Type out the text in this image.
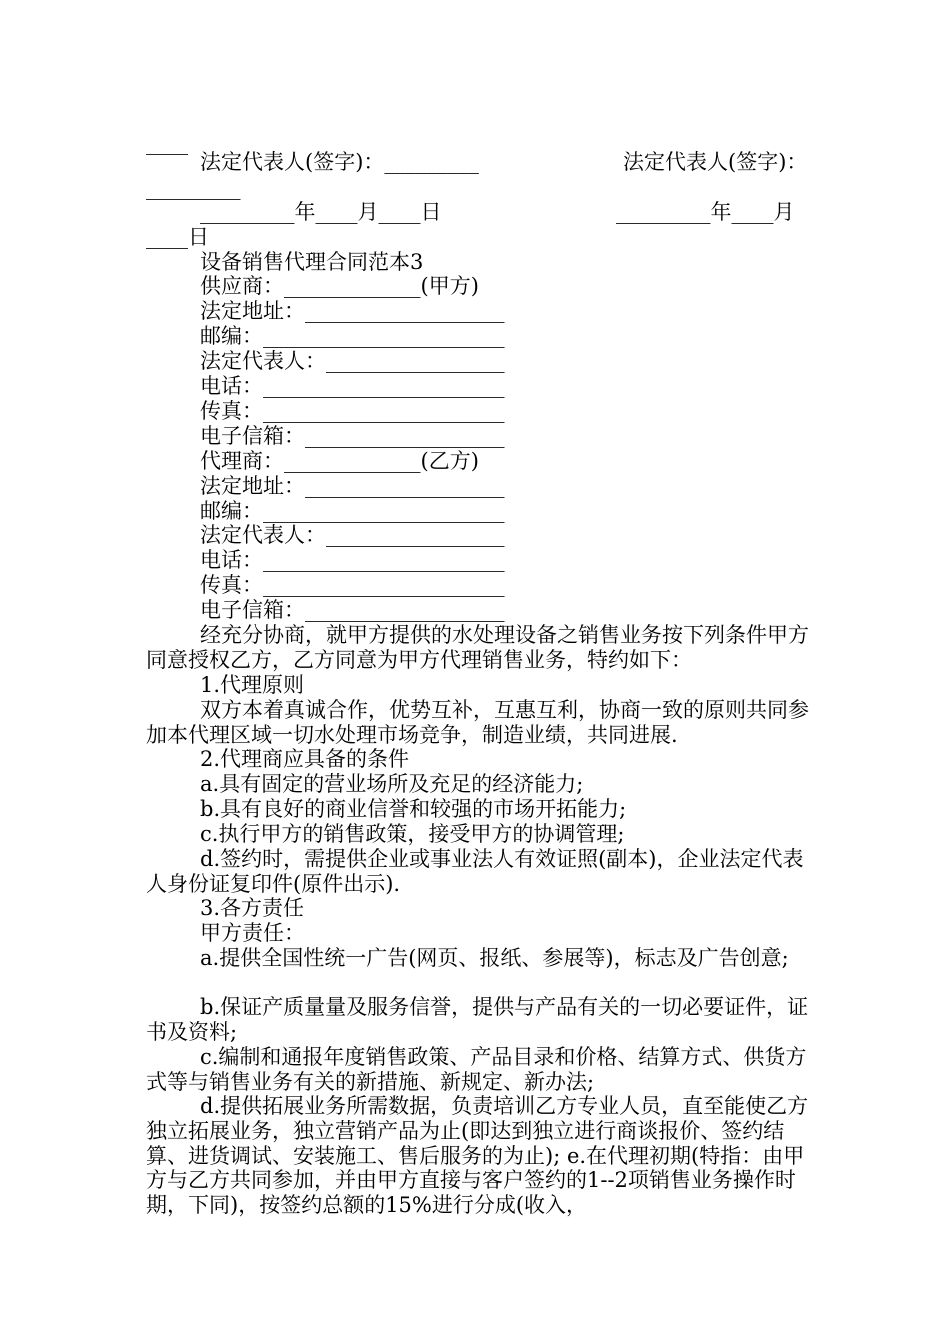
____
法定代表人(签字)：_________	法定代表人(签字)：
_________
_________年____月____日	_________年____月
____日
设备销售代理合同范本3
供应商：_____________(甲方)
法定地址：___________________
邮编：_______________________
法定代表人：_________________
电话：_______________________
传真：_______________________
电子信箱：___________________
代理商：_____________(乙方)
法定地址：___________________
邮编：_______________________
法定代表人：_________________
电话：_______________________
传真：_______________________
电子信箱：___________________
经充分协商，就甲方提供的水处理设备之销售业务按下列条件甲方同意授权乙方，乙方同意为甲方代理销售业务，特约如下：
1.代理原则
双方本着真诚合作，优势互补，互惠互利，协商一致的原则共同参加本代理区域一切水处理市场竞争，制造业绩，共同进展.
2.代理商应具备的条件
a.具有固定的营业场所及充足的经济能力;
b.具有良好的商业信誉和较强的市场开拓能力;
c.执行甲方的销售政策，接受甲方的协调管理;
d.签约时，需提供企业或事业法人有效证照(副本)，企业法定代表人身份证复印件(原件出示).
3.各方责任
甲方责任：
a.提供全国性统一广告(网页、报纸、参展等)，标志及广告创意;
b.保证产质量量及服务信誉，提供与产品有关的一切必要证件，证书及资料;
c.编制和通报年度销售政策、产品目录和价格、结算方式、供货方式等与销售业务有关的新措施、新规定、新办法;
d.提供拓展业务所需数据，负责培训乙方专业人员，直至能使乙方独立拓展业务，独立营销产品为止(即达到独立进行商谈报价、签约结算、进货调试、安装施工、售后服务的为止); e.在代理初期(特指：由甲方与乙方共同参加，并由甲方直接与客户签约的1--2项销售业务操作时期，下同)，按签约总额的15%进行分成(收入，
